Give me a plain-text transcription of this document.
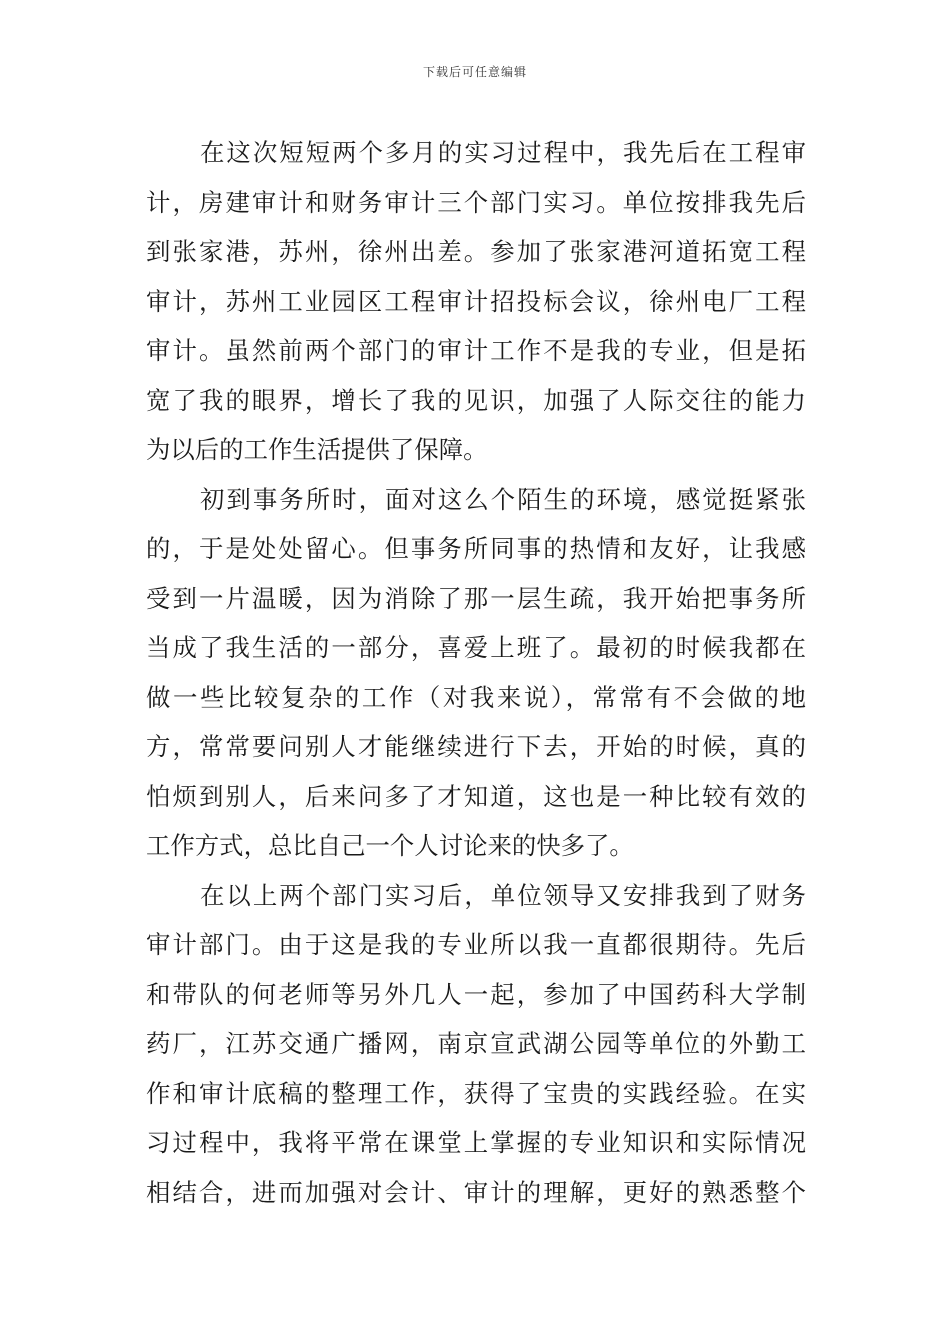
下载后可任意编辑
在这次短短两个多月的实习过程中，我先后在工程审
计，房建审计和财务审计三个部门实习。单位按排我先后
到张家港，苏州，徐州出差。参加了张家港河道拓宽工程
审计，苏州工业园区工程审计招投标会议，徐州电厂工程
审计。虽然前两个部门的审计工作不是我的专业，但是拓
宽了我的眼界，增长了我的见识，加强了人际交往的能力
为以后的工作生活提供了保障。
初到事务所时，面对这么个陌生的环境，感觉挺紧张
的，于是处处留心。但事务所同事的热情和友好，让我感
受到一片温暖，因为消除了那一层生疏，我开始把事务所
当成了我生活的一部分，喜爱上班了。最初的时候我都在
做一些比较复杂的工作（对我来说），常常有不会做的地
方，常常要问别人才能继续进行下去，开始的时候，真的
怕烦到别人，后来问多了才知道，这也是一种比较有效的
工作方式，总比自己一个人讨论来的快多了。
在以上两个部门实习后，单位领导又安排我到了财务
审计部门。由于这是我的专业所以我一直都很期待。先后
和带队的何老师等另外几人一起，参加了中国药科大学制
药厂，江苏交通广播网，南京宣武湖公园等单位的外勤工
作和审计底稿的整理工作，获得了宝贵的实践经验。在实
习过程中，我将平常在课堂上掌握的专业知识和实际情况
相结合，进而加强对会计、审计的理解，更好的熟悉整个
